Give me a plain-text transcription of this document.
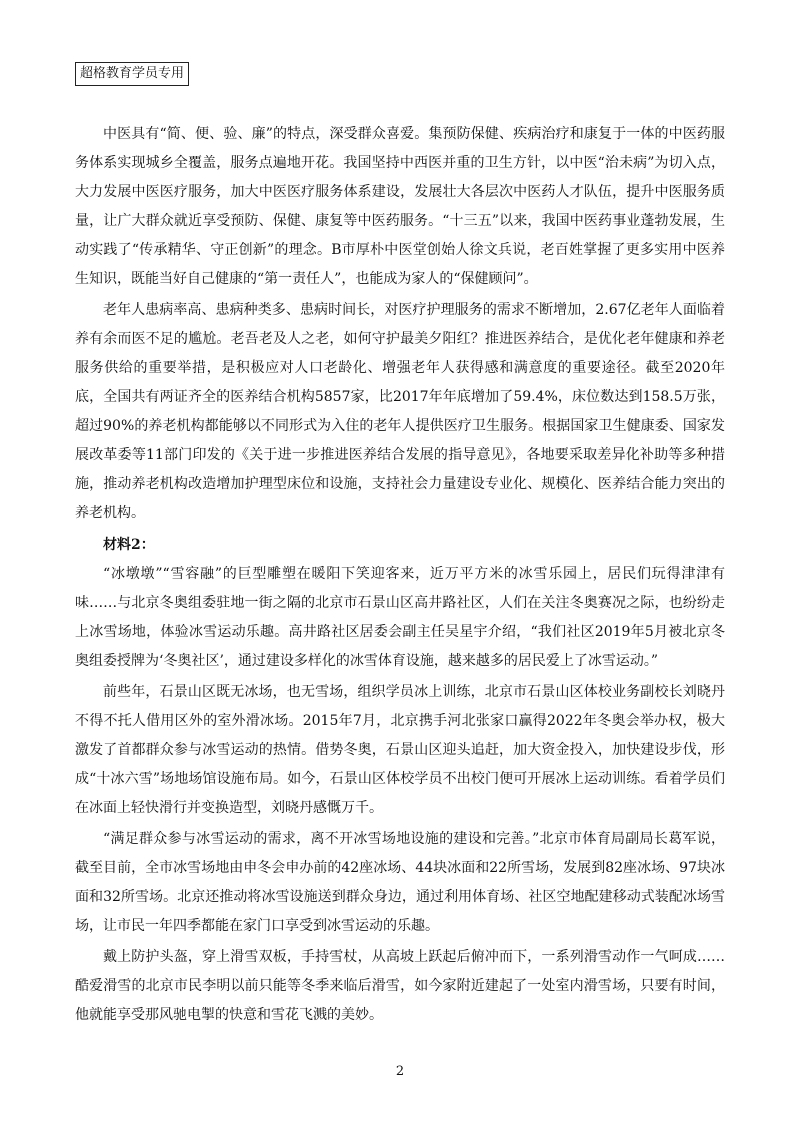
超格教育学员专用

中医具有“简、便、验、廉”的特点，深受群众喜爱。集预防保健、疾病治疗和康复于一体的中医药服务体系实现城乡全覆盖，服务点遍地开花。我国坚持中西医并重的卫生方针，以中医“治未病”为切入点，大力发展中医医疗服务，加大中医医疗服务体系建设，发展壮大各层次中医药人才队伍，提升中医服务质量，让广大群众就近享受预防、保健、康复等中医药服务。“十三五”以来，我国中医药事业蓬勃发展，生动实践了“传承精华、守正创新”的理念。B市厚朴中医堂创始人徐文兵说，老百姓掌握了更多实用中医养生知识，既能当好自己健康的“第一责任人”，也能成为家人的“保健顾问”。

老年人患病率高、患病种类多、患病时间长，对医疗护理服务的需求不断增加，2.67亿老年人面临着养有余而医不足的尴尬。老吾老及人之老，如何守护最美夕阳红？推进医养结合，是优化老年健康和养老服务供给的重要举措，是积极应对人口老龄化、增强老年人获得感和满意度的重要途径。截至2020年底，全国共有两证齐全的医养结合机构5857家，比2017年年底增加了59.4%，床位数达到158.5万张，超过90%的养老机构都能够以不同形式为入住的老年人提供医疗卫生服务。根据国家卫生健康委、国家发展改革委等11部门印发的《关于进一步推进医养结合发展的指导意见》，各地要采取差异化补助等多种措施，推动养老机构改造增加护理型床位和设施，支持社会力量建设专业化、规模化、医养结合能力突出的养老机构。

材料2：

“冰墩墩”“雪容融”的巨型雕塑在暖阳下笑迎客来，近万平方米的冰雪乐园上，居民们玩得津津有味……与北京冬奥组委驻地一街之隔的北京市石景山区高井路社区，人们在关注冬奥赛况之际，也纷纷走上冰雪场地，体验冰雪运动乐趣。高井路社区居委会副主任吴星宇介绍，“我们社区2019年5月被北京冬奥组委授牌为‘冬奥社区’，通过建设多样化的冰雪体育设施，越来越多的居民爱上了冰雪运动。”

前些年，石景山区既无冰场，也无雪场，组织学员冰上训练，北京市石景山区体校业务副校长刘晓丹不得不托人借用区外的室外滑冰场。2015年7月，北京携手河北张家口赢得2022年冬奥会举办权，极大激发了首都群众参与冰雪运动的热情。借势冬奥，石景山区迎头追赶，加大资金投入，加快建设步伐，形成“十冰六雪”场地场馆设施布局。如今，石景山区体校学员不出校门便可开展冰上运动训练。看着学员们在冰面上轻快滑行并变换造型，刘晓丹感慨万千。

“满足群众参与冰雪运动的需求，离不开冰雪场地设施的建设和完善。”北京市体育局副局长葛军说，截至目前，全市冰雪场地由申冬会申办前的42座冰场、44块冰面和22所雪场，发展到82座冰场、97块冰面和32所雪场。北京还推动将冰雪设施送到群众身边，通过利用体育场、社区空地配建移动式装配冰场雪场，让市民一年四季都能在家门口享受到冰雪运动的乐趣。

戴上防护头盔，穿上滑雪双板，手持雪杖，从高坡上跃起后俯冲而下，一系列滑雪动作一气呵成……酷爱滑雪的北京市民李明以前只能等冬季来临后滑雪，如今家附近建起了一处室内滑雪场，只要有时间，他就能享受那风驰电掣的快意和雪花飞溅的美妙。

2
